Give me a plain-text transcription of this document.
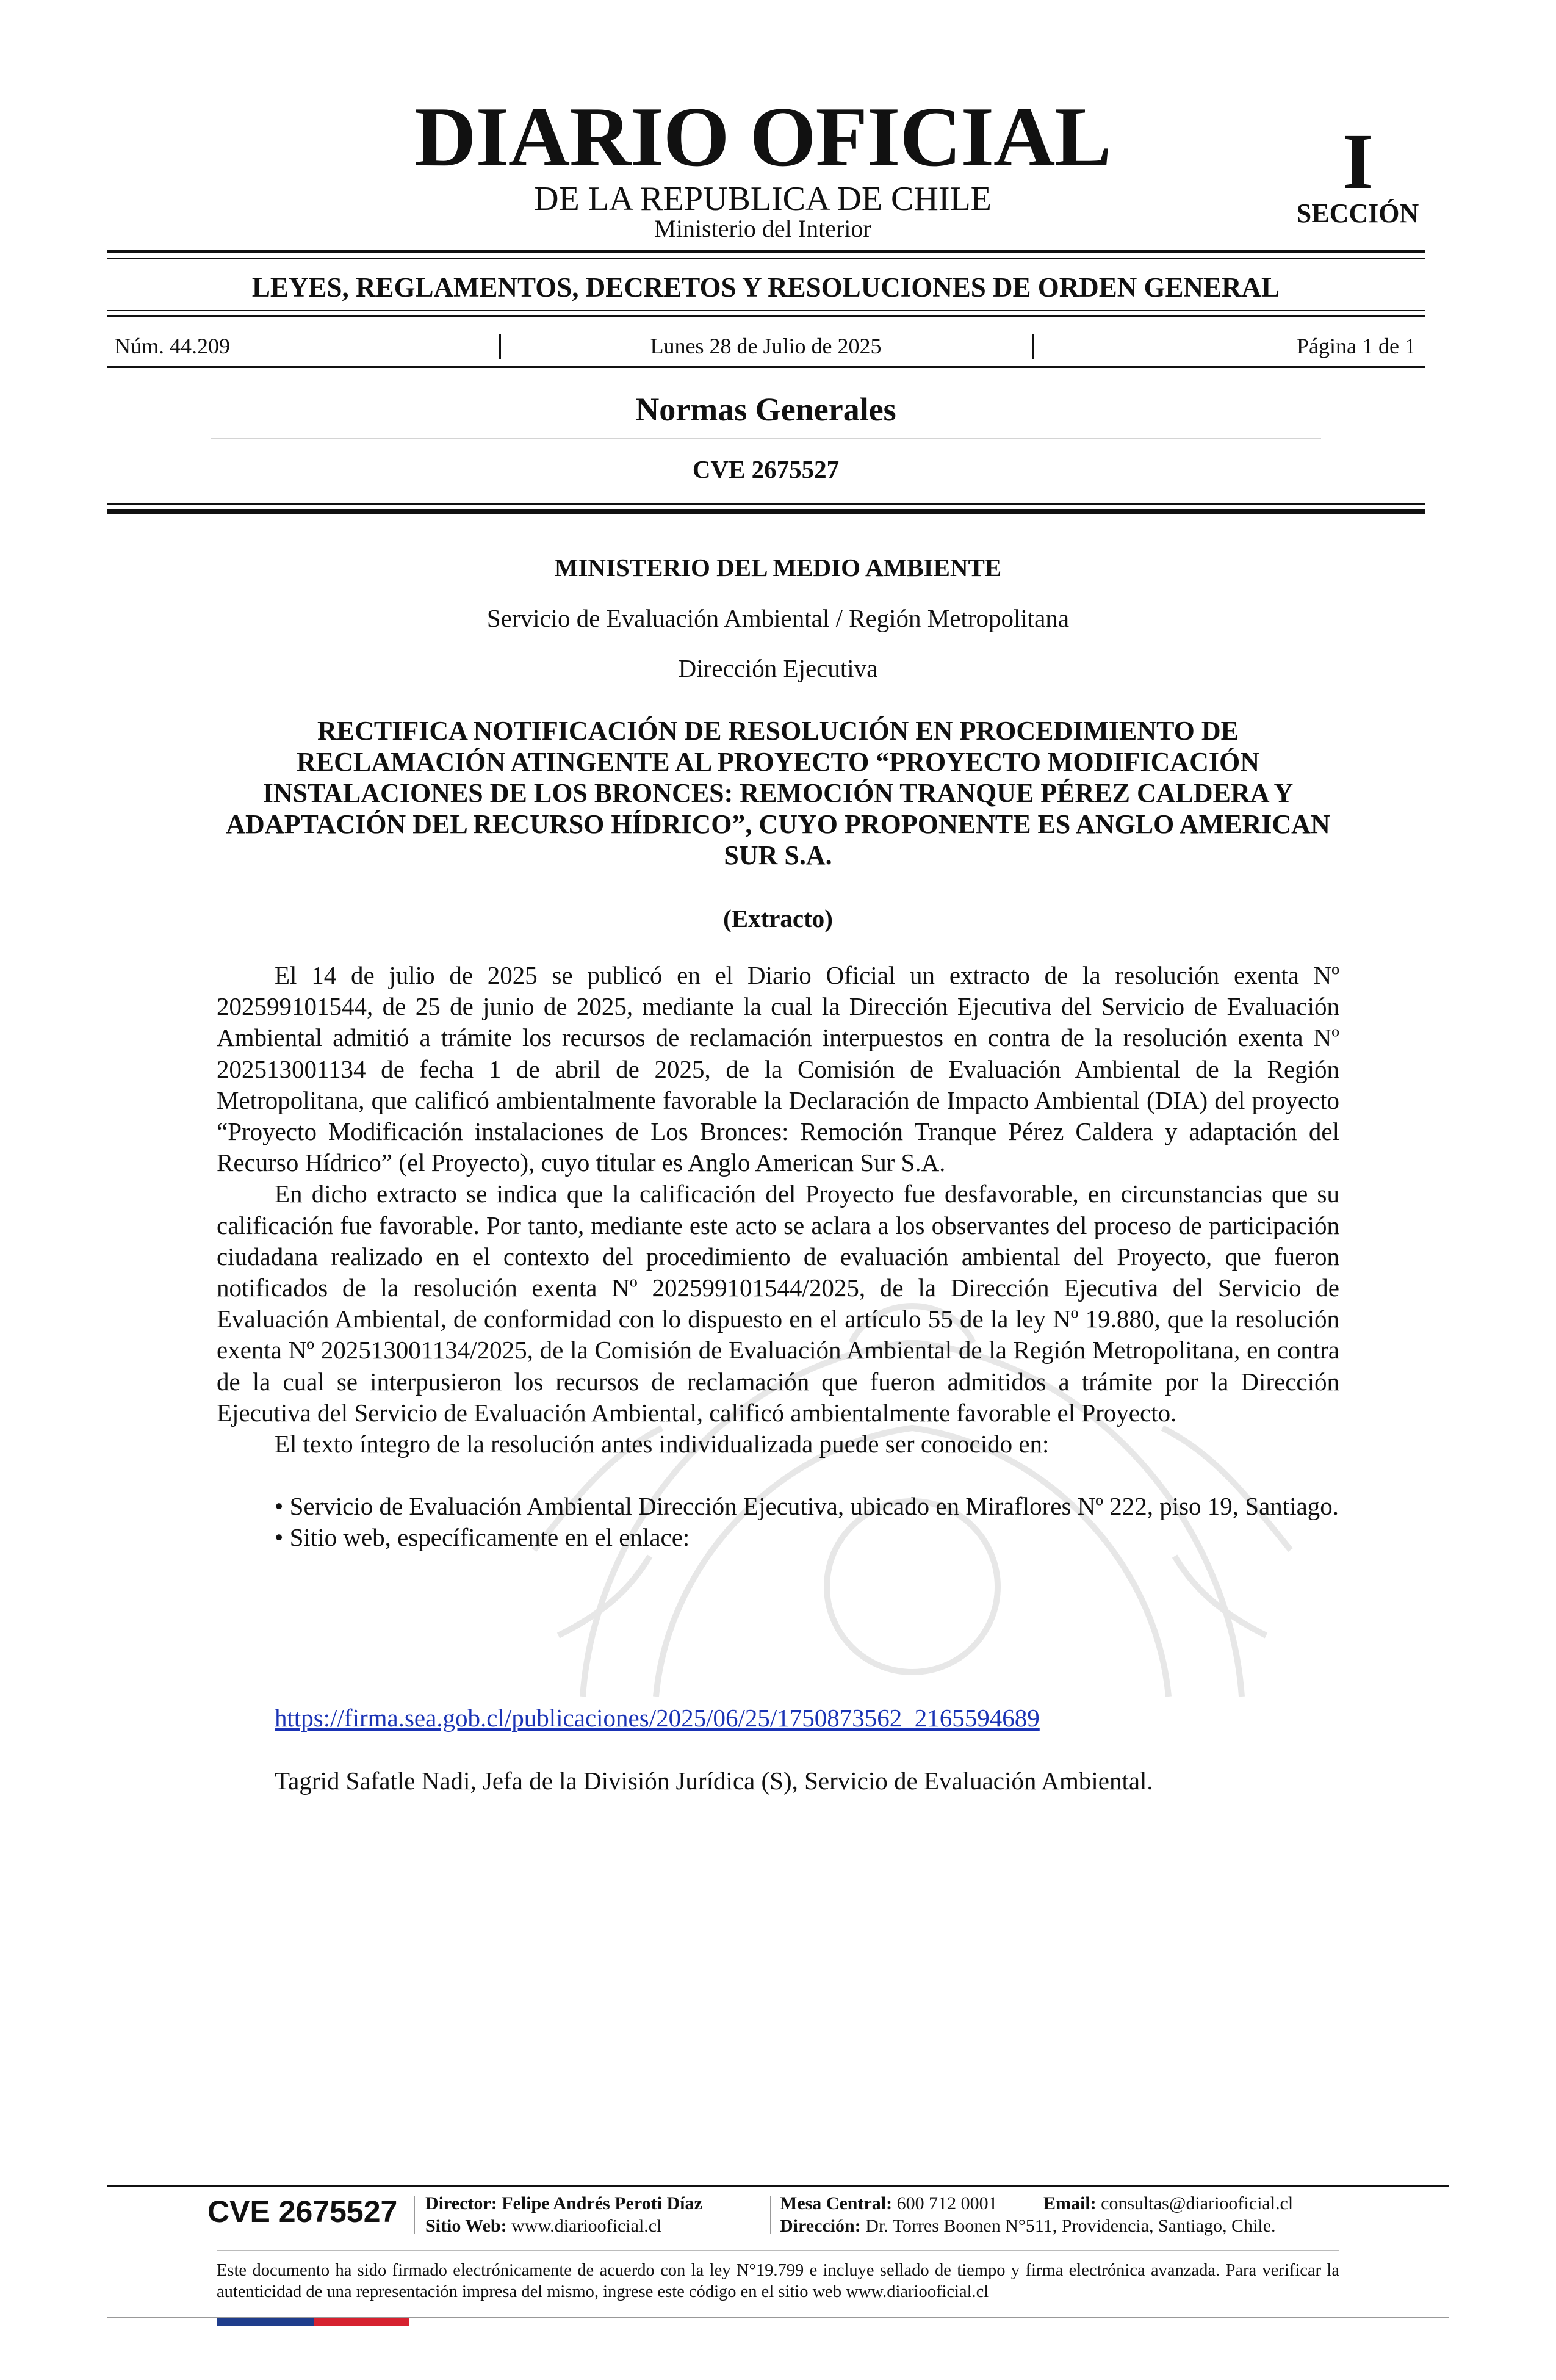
DIARIO OFICIAL
DE LA REPUBLICA DE CHILE
Ministerio del Interior
I
SECCIÓN
LEYES, REGLAMENTOS, DECRETOS Y RESOLUCIONES DE ORDEN GENERAL
Núm. 44.209	Lunes 28 de Julio de 2025	Página 1 de 1
Normas Generales
CVE 2675527
MINISTERIO DEL MEDIO AMBIENTE
Servicio de Evaluación Ambiental / Región Metropolitana
Dirección Ejecutiva
RECTIFICA NOTIFICACIÓN DE RESOLUCIÓN EN PROCEDIMIENTO DE RECLAMACIÓN ATINGENTE AL PROYECTO “PROYECTO MODIFICACIÓN INSTALACIONES DE LOS BRONCES: REMOCIÓN TRANQUE PÉREZ CALDERA Y ADAPTACIÓN DEL RECURSO HÍDRICO”, CUYO PROPONENTE ES ANGLO AMERICAN SUR S.A.
(Extracto)

El 14 de julio de 2025 se publicó en el Diario Oficial un extracto de la resolución exenta Nº 202599101544, de 25 de junio de 2025, mediante la cual la Dirección Ejecutiva del Servicio de Evaluación Ambiental admitió a trámite los recursos de reclamación interpuestos en contra de la resolución exenta Nº 202513001134 de fecha 1 de abril de 2025, de la Comisión de Evaluación Ambiental de la Región Metropolitana, que calificó ambientalmente favorable la Declaración de Impacto Ambiental (DIA) del proyecto “Proyecto Modificación instalaciones de Los Bronces: Remoción Tranque Pérez Caldera y adaptación del Recurso Hídrico” (el Proyecto), cuyo titular es Anglo American Sur S.A.

En dicho extracto se indica que la calificación del Proyecto fue desfavorable, en circunstancias que su calificación fue favorable. Por tanto, mediante este acto se aclara a los observantes del proceso de participación ciudadana realizado en el contexto del procedimiento de evaluación ambiental del Proyecto, que fueron notificados de la resolución exenta Nº 202599101544/2025, de la Dirección Ejecutiva del Servicio de Evaluación Ambiental, de conformidad con lo dispuesto en el artículo 55 de la ley Nº 19.880, que la resolución exenta Nº 202513001134/2025, de la Comisión de Evaluación Ambiental de la Región Metropolitana, en contra de la cual se interpusieron los recursos de reclamación que fueron admitidos a trámite por la Dirección Ejecutiva del Servicio de Evaluación Ambiental, calificó ambientalmente favorable el Proyecto.

El texto íntegro de la resolución antes individualizada puede ser conocido en:

• Servicio de Evaluación Ambiental Dirección Ejecutiva, ubicado en Miraflores Nº 222, piso 19, Santiago.

• Sitio web, específicamente en el enlace:

https://firma.sea.gob.cl/publicaciones/2025/06/25/1750873562_2165594689
Tagrid Safatle Nadi, Jefa de la División Jurídica (S), Servicio de Evaluación Ambiental.
CVE 2675527 Director: Felipe Andrés Peroti Díaz
Sitio Web: www.diariooficial.cl
Mesa Central: 600 712 0001	Email: consultas@diariooficial.cl
Dirección: Dr. Torres Boonen N°511, Providencia, Santiago, Chile.
Este documento ha sido firmado electrónicamente de acuerdo con la ley N°19.799 e incluye sellado de tiempo y firma electrónica avanzada. Para verificar la autenticidad de una representación impresa del mismo, ingrese este código en el sitio web www.diariooficial.cl
